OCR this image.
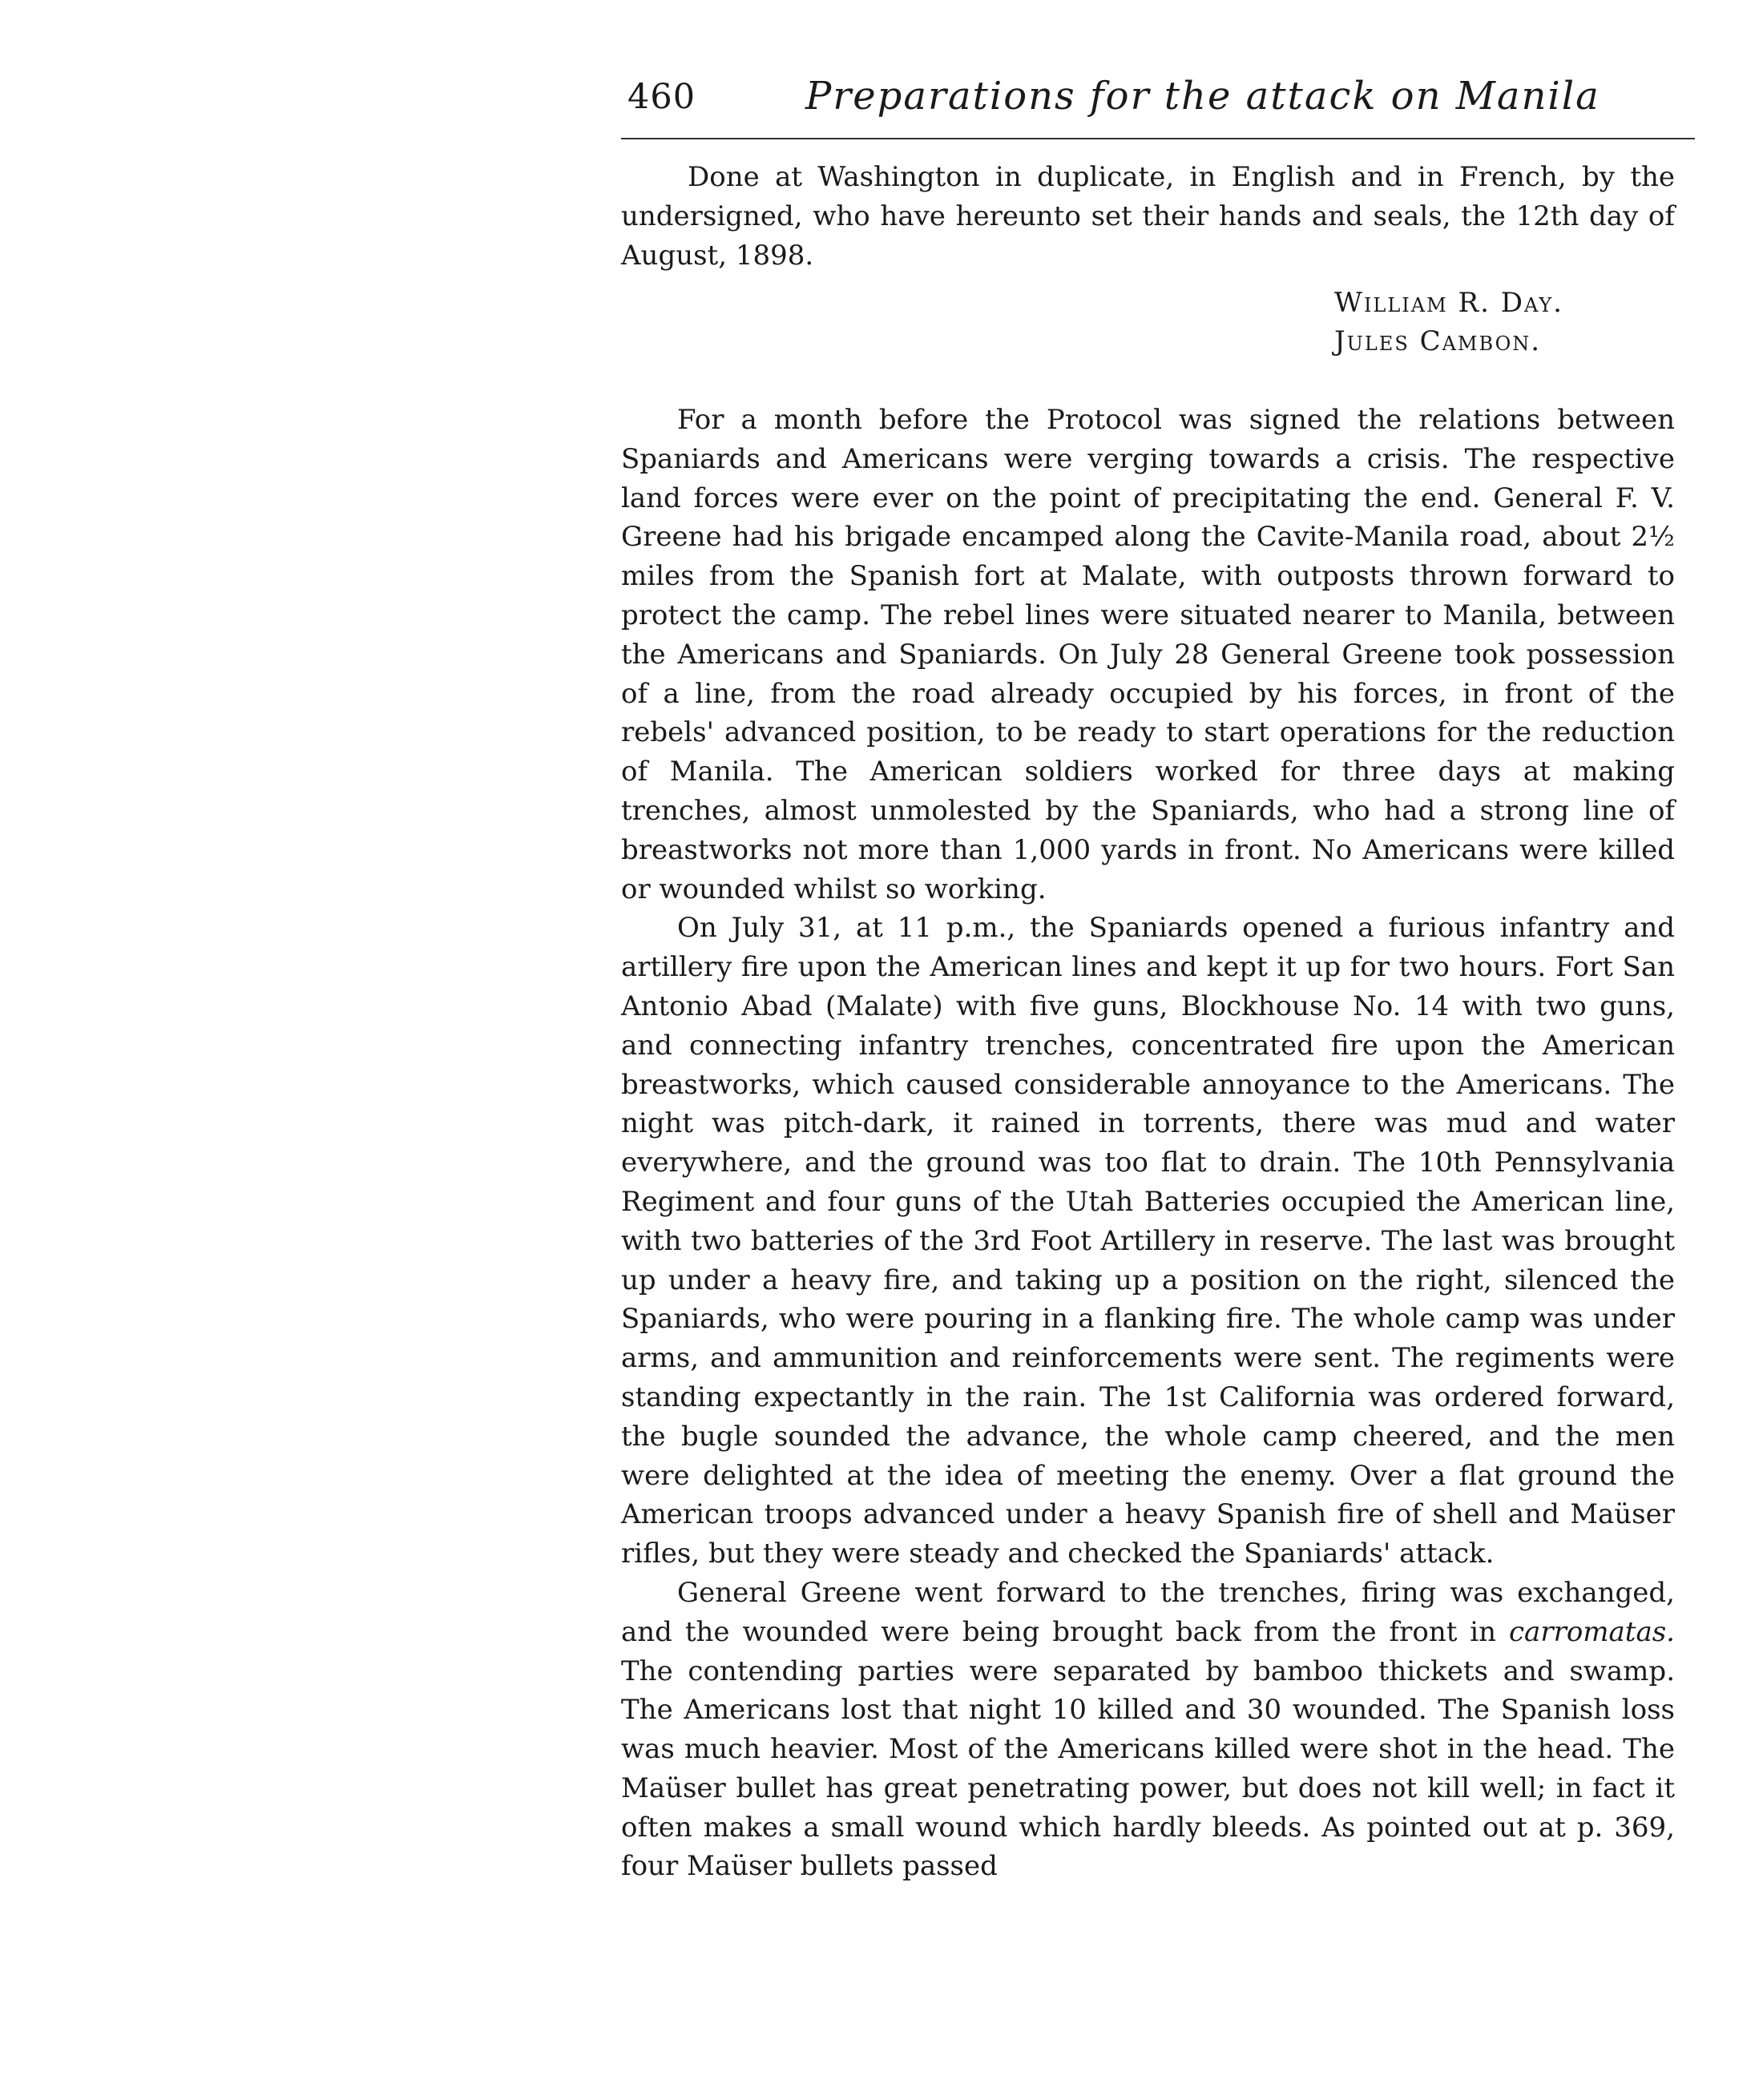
460	Preparations for the attack on Manila

Done at Washington in duplicate, in English and in French, by the undersigned, who have hereunto set their hands and seals, the 12th day of August, 1898.

William R. Day.
Jules Cambon.

For a month before the Protocol was signed the relations between Spaniards and Americans were verging towards a crisis. The respective land forces were ever on the point of precipitating the end. General F. V. Greene had his brigade encamped along the Cavite-Manila road, about 2½ miles from the Spanish fort at Malate, with outposts thrown forward to protect the camp. The rebel lines were situated nearer to Manila, between the Americans and Spaniards. On July 28 General Greene took possession of a line, from the road already occupied by his forces, in front of the rebels' advanced position, to be ready to start operations for the reduction of Manila. The American soldiers worked for three days at making trenches, almost unmolested by the Spaniards, who had a strong line of breastworks not more than 1,000 yards in front. No Americans were killed or wounded whilst so working.

On July 31, at 11 p.m., the Spaniards opened a furious infantry and artillery fire upon the American lines and kept it up for two hours. Fort San Antonio Abad (Malate) with five guns, Blockhouse No. 14 with two guns, and connecting infantry trenches, concentrated fire upon the American breastworks, which caused considerable annoyance to the Americans. The night was pitch-dark, it rained in torrents, there was mud and water everywhere, and the ground was too flat to drain. The 10th Pennsylvania Regiment and four guns of the Utah Batteries occupied the American line, with two batteries of the 3rd Foot Artillery in reserve. The last was brought up under a heavy fire, and taking up a position on the right, silenced the Spaniards, who were pouring in a flanking fire. The whole camp was under arms, and ammunition and reinforcements were sent. The regiments were standing expectantly in the rain. The 1st California was ordered forward, the bugle sounded the advance, the whole camp cheered, and the men were delighted at the idea of meeting the enemy. Over a flat ground the American troops advanced under a heavy Spanish fire of shell and Maüser rifles, but they were steady and checked the Spaniards' attack.

General Greene went forward to the trenches, firing was exchanged, and the wounded were being brought back from the front in carromatas. The contending parties were separated by bamboo thickets and swamp. The Americans lost that night 10 killed and 30 wounded. The Spanish loss was much heavier. Most of the Americans killed were shot in the head. The Maüser bullet has great penetrating power, but does not kill well; in fact it often makes a small wound which hardly bleeds. As pointed out at p. 369, four Maüser bullets passed
